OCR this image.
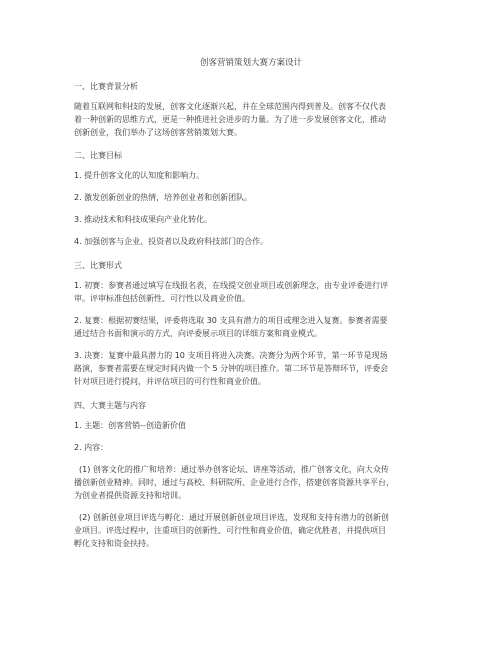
创客营销策划大赛方案设计
一、比赛背景分析
随着互联网和科技的发展，创客文化逐渐兴起，并在全球范围内得到普及。创客不仅代表
着一种创新的思维方式，更是一种推进社会进步的力量。为了进一步发展创客文化，推动
创新创业，我们举办了这场创客营销策划大赛。
二、比赛目标
1. 提升创客文化的认知度和影响力。
2. 激发创新创业的热情，培养创业者和创新团队。
3. 推动技术和科技成果向产业化转化。
4. 加强创客与企业、投资者以及政府科技部门的合作。
三、比赛形式
1. 初赛：参赛者通过填写在线报名表，在线提交创业项目或创新理念，由专业评委进行评
审。评审标准包括创新性、可行性以及商业价值。
2. 复赛：根据初赛结果，评委将选取 30 支具有潜力的项目或理念进入复赛。参赛者需要
通过结合书面和演示的方式，向评委展示项目的详细方案和商业模式。
3. 决赛：复赛中最具潜力的 10 支项目将进入决赛。决赛分为两个环节，第一环节是现场
路演，参赛者需要在规定时间内做一个 5 分钟的项目推介。第二环节是答辩环节，评委会
针对项目进行提问，并评估项目的可行性和商业价值。
四、大赛主题与内容
1. 主题：创客营销--创造新价值
2. 内容：
(1) 创客文化的推广和培养：通过举办创客论坛、讲座等活动，推广创客文化，向大众传
播创新创业精神。同时，通过与高校、科研院所、企业进行合作，搭建创客资源共享平台，
为创业者提供资源支持和培训。
(2) 创新创业项目评选与孵化：通过开展创新创业项目评选，发现和支持有潜力的创新创
业项目。评选过程中，注重项目的创新性、可行性和商业价值，确定优胜者，并提供项目
孵化支持和资金扶持。
